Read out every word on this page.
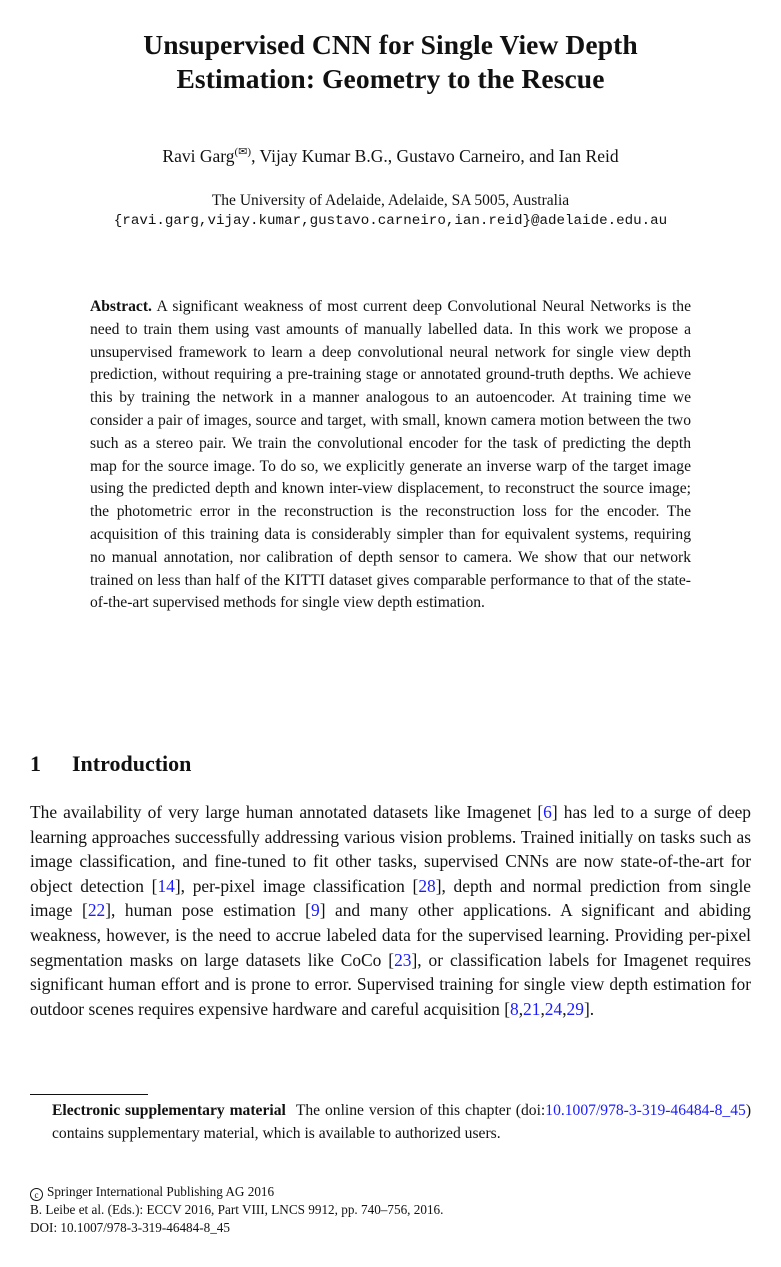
Unsupervised CNN for Single View Depth
Estimation: Geometry to the Rescue
Ravi Garg(✉), Vijay Kumar B.G., Gustavo Carneiro, and Ian Reid
The University of Adelaide, Adelaide, SA 5005, Australia
{ravi.garg,vijay.kumar,gustavo.carneiro,ian.reid}@adelaide.edu.au
Abstract. A significant weakness of most current deep Convolutional Neural Networks is the need to train them using vast amounts of manually labelled data. In this work we propose a unsupervised framework to learn a deep convolutional neural network for single view depth prediction, without requiring a pre-training stage or annotated ground-truth depths. We achieve this by training the network in a manner analogous to an autoencoder. At training time we consider a pair of images, source and target, with small, known camera motion between the two such as a stereo pair. We train the convolutional encoder for the task of predicting the depth map for the source image. To do so, we explicitly generate an inverse warp of the target image using the predicted depth and known inter-view displacement, to reconstruct the source image; the photometric error in the reconstruction is the reconstruction loss for the encoder. The acquisition of this training data is considerably simpler than for equivalent systems, requiring no manual annotation, nor calibration of depth sensor to camera. We show that our network trained on less than half of the KITTI dataset gives comparable performance to that of the state-of-the-art supervised methods for single view depth estimation.
1 Introduction
The availability of very large human annotated datasets like Imagenet [6] has led to a surge of deep learning approaches successfully addressing various vision problems. Trained initially on tasks such as image classification, and fine-tuned to fit other tasks, supervised CNNs are now state-of-the-art for object detection [14], per-pixel image classification [28], depth and normal prediction from single image [22], human pose estimation [9] and many other applications. A significant and abiding weakness, however, is the need to accrue labeled data for the supervised learning. Providing per-pixel segmentation masks on large datasets like CoCo [23], or classification labels for Imagenet requires significant human effort and is prone to error. Supervised training for single view depth estimation for outdoor scenes requires expensive hardware and careful acquisition [8,21,24,29].
Electronic supplementary material The online version of this chapter (doi:10.1007/978-3-319-46484-8_45) contains supplementary material, which is available to authorized users.
c Springer International Publishing AG 2016
B. Leibe et al. (Eds.): ECCV 2016, Part VIII, LNCS 9912, pp. 740–756, 2016.
DOI: 10.1007/978-3-319-46484-8_45
